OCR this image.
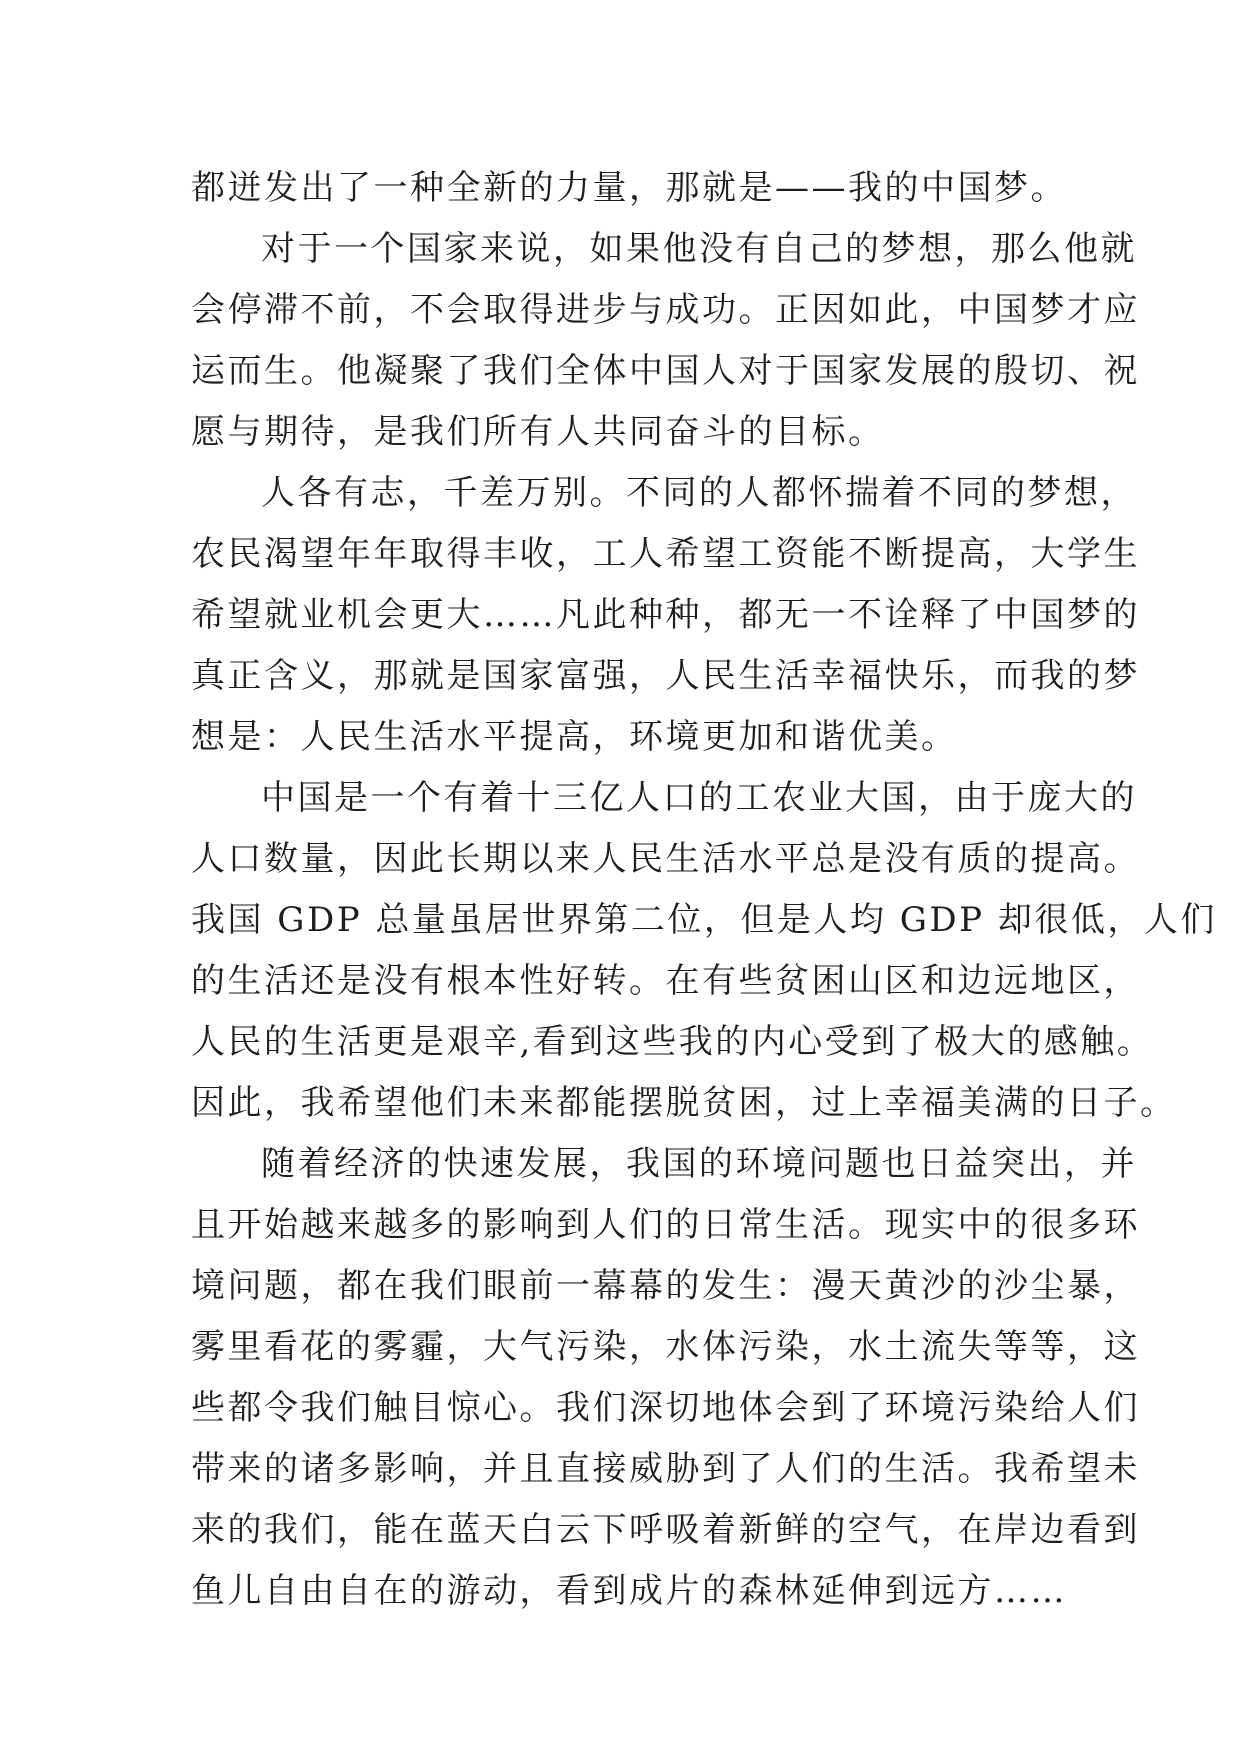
都迸发出了一种全新的力量，那就是——我的中国梦。
对于一个国家来说，如果他没有自己的梦想，那么他就
会停滞不前，不会取得进步与成功。正因如此，中国梦才应
运而生。他凝聚了我们全体中国人对于国家发展的殷切、祝
愿与期待，是我们所有人共同奋斗的目标。
人各有志，千差万别。不同的人都怀揣着不同的梦想，
农民渴望年年取得丰收，工人希望工资能不断提高，大学生
希望就业机会更大……凡此种种，都无一不诠释了中国梦的
真正含义，那就是国家富强，人民生活幸福快乐，而我的梦
想是：人民生活水平提高，环境更加和谐优美。
中国是一个有着十三亿人口的工农业大国，由于庞大的
人口数量，因此长期以来人民生活水平总是没有质的提高。
我国 GDP 总量虽居世界第二位，但是人均 GDP 却很低，人们
的生活还是没有根本性好转。在有些贫困山区和边远地区，
人民的生活更是艰辛,看到这些我的内心受到了极大的感触。
因此，我希望他们未来都能摆脱贫困，过上幸福美满的日子。
随着经济的快速发展，我国的环境问题也日益突出，并
且开始越来越多的影响到人们的日常生活。现实中的很多环
境问题，都在我们眼前一幕幕的发生：漫天黄沙的沙尘暴，
雾里看花的雾霾，大气污染，水体污染，水土流失等等，这
些都令我们触目惊心。我们深切地体会到了环境污染给人们
带来的诸多影响，并且直接威胁到了人们的生活。我希望未
来的我们，能在蓝天白云下呼吸着新鲜的空气，在岸边看到
鱼儿自由自在的游动，看到成片的森林延伸到远方……
